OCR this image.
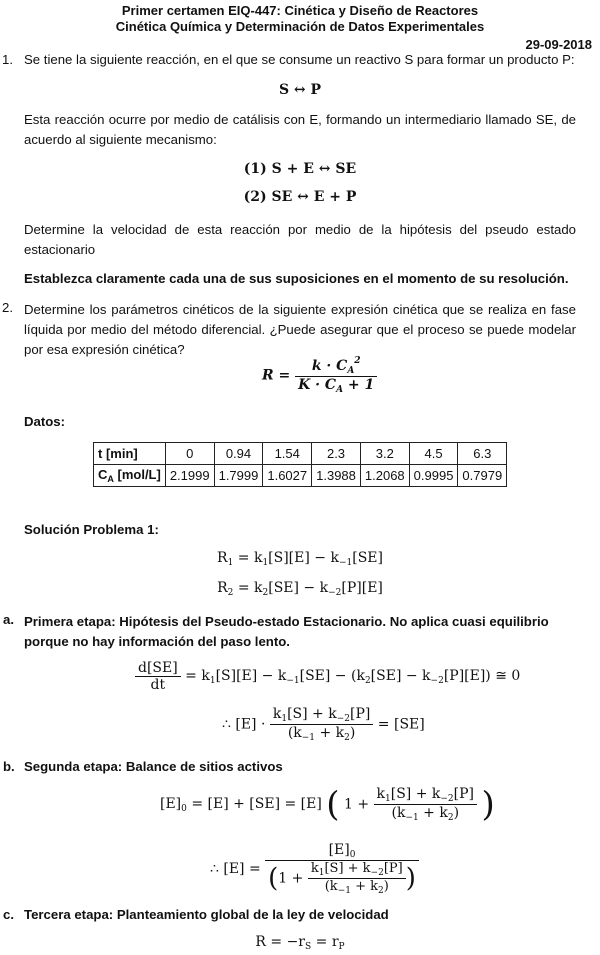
Primer certamen EIQ-447: Cinética y Diseño de Reactores
Cinética Química y Determinación de Datos Experimentales
29-09-2018
1. Se tiene la siguiente reacción, en el que se consume un reactivo S para formar un producto P:
S ↔ P
Esta reacción ocurre por medio de catálisis con E, formando un intermediario llamado SE, de acuerdo al siguiente mecanismo:
(1) S + E ↔ SE
(2) SE ↔ E + P
Determine la velocidad de esta reacción por medio de la hipótesis del pseudo estado estacionario
Establezca claramente cada una de sus suposiciones en el momento de su resolución.
2. Determine los parámetros cinéticos de la siguiente expresión cinética que se realiza en fase líquida por medio del método diferencial. ¿Puede asegurar que el proceso se puede modelar por esa expresión cinética?
$R = \frac{k \cdot C_A^2}{K \cdot C_A + 1}$
Datos:
t [min]	0	0.94	1.54	2.3	3.2	4.5	6.3
$C_A$ [mol/L]	2.1999	1.7999	1.6027	1.3988	1.2068	0.9995	0.7979
Solución Problema 1:
$R_1 = k_1[S][E] - k_{-1}[SE]$
$R_2 = k_2[SE] - k_{-2}[P][E]$
a. Primera etapa: Hipótesis del Pseudo-estado Estacionario. No aplica cuasi equilibrio porque no hay información del paso lento.
$\frac{d[SE]}{dt} = k_1[S][E] - k_{-1}[SE] - (k_2[SE] - k_{-2}[P][E])$ ≅ 0
∴ $[E] \cdot \frac{k_1[S] + k_{-2}[P]}{(k_{-1} + k_2)} = [SE]$
b. Segunda etapa: Balance de sitios activos
$[E]_0 = [E] + [SE] = [E]$ ( $1 + \frac{k_1[S] + k_{-2}[P]}{(k_{-1} + k_2)}$ )
∴ $[E] = \frac{[E]_0}{(1 + \frac{k_1[S] + k_{-2}[P]}{(k_{-1} + k_2)} )}$
c. Tercera etapa: Planteamiento global de la ley de velocidad
$R = -r_S = r_P$
